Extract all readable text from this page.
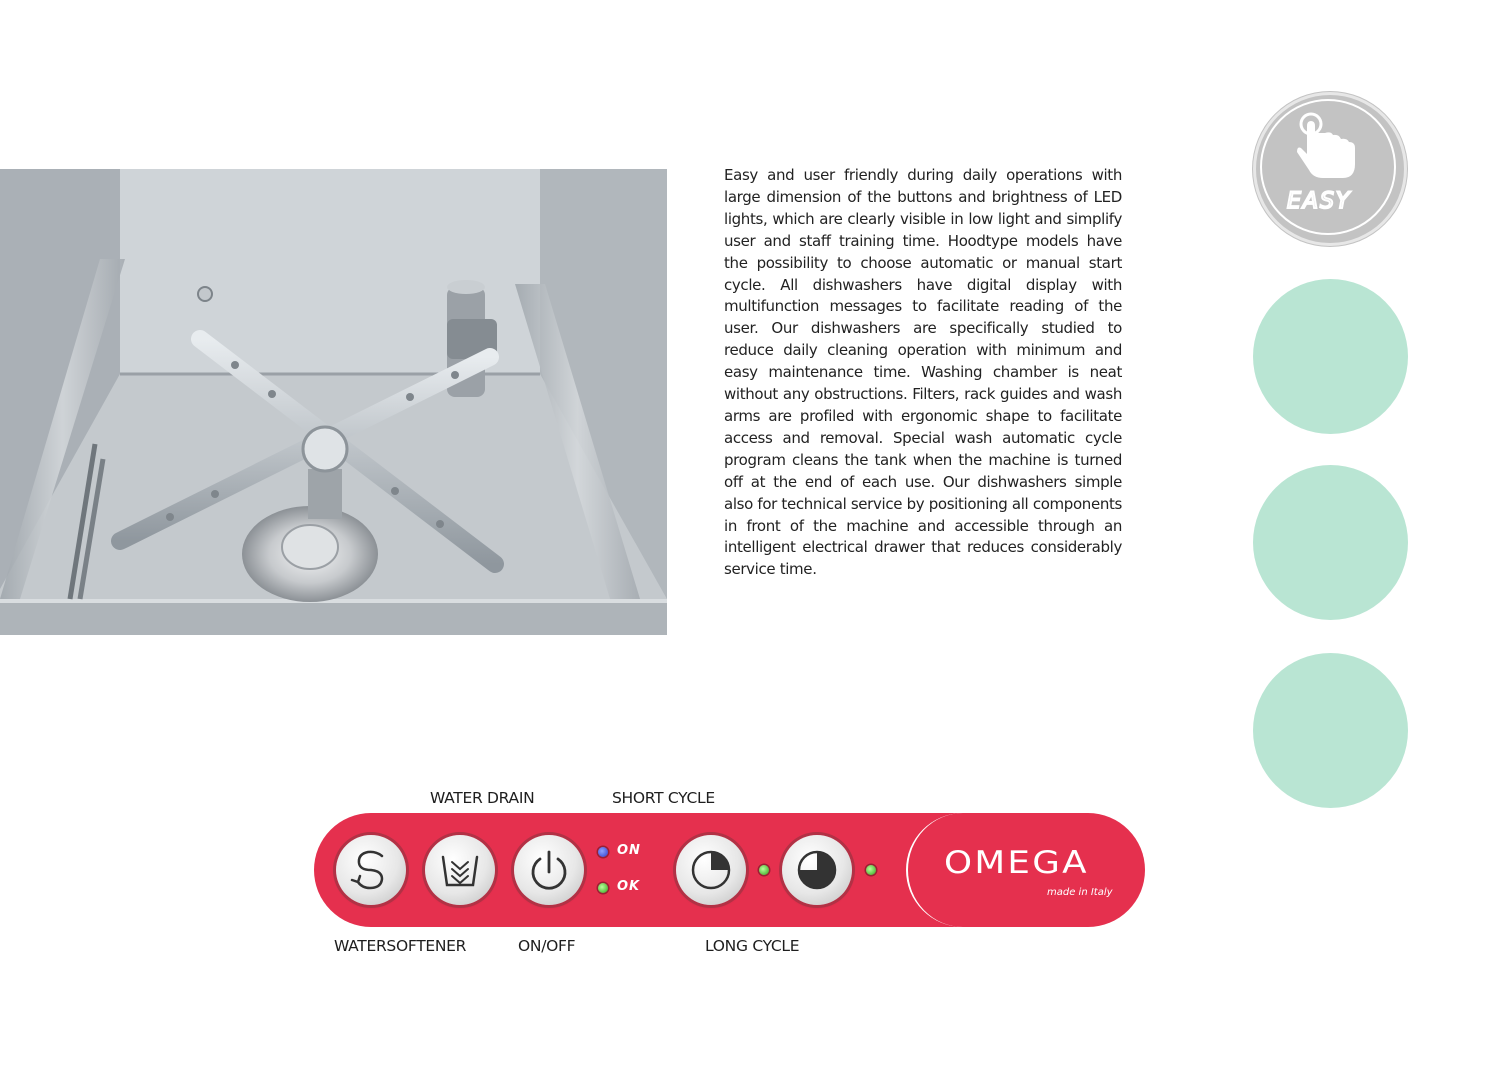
Easy and user friendly during daily operations with large dimension of the buttons and brightness of LED lights, which are clearly visible in low light and simplify user and staff training time. Hoodtype models have the possibility to choose automatic or manual start cycle. All dishwashers have digital display with multifunction messages to facilitate reading of the user. Our dishwashers are specifically studied to reduce daily cleaning operation with minimum and easy maintenance time. Washing chamber is neat without any obstructions. Filters, rack guides and wash arms are profiled with ergonomic shape to facilitate access and removal. Special wash automatic cycle program cleans the tank when the machine is turned off at the end of each use. Our dishwashers simple also for technical service by positioning all components in front of the machine and accessible through an intelligent electrical drawer that reduces considerably service time.

EASY
WATER DRAIN	SHORT CYCLE
WATERSOFTENER	ON/OFF	LONG CYCLE
ON
OK
OMEGA
made in Italy
